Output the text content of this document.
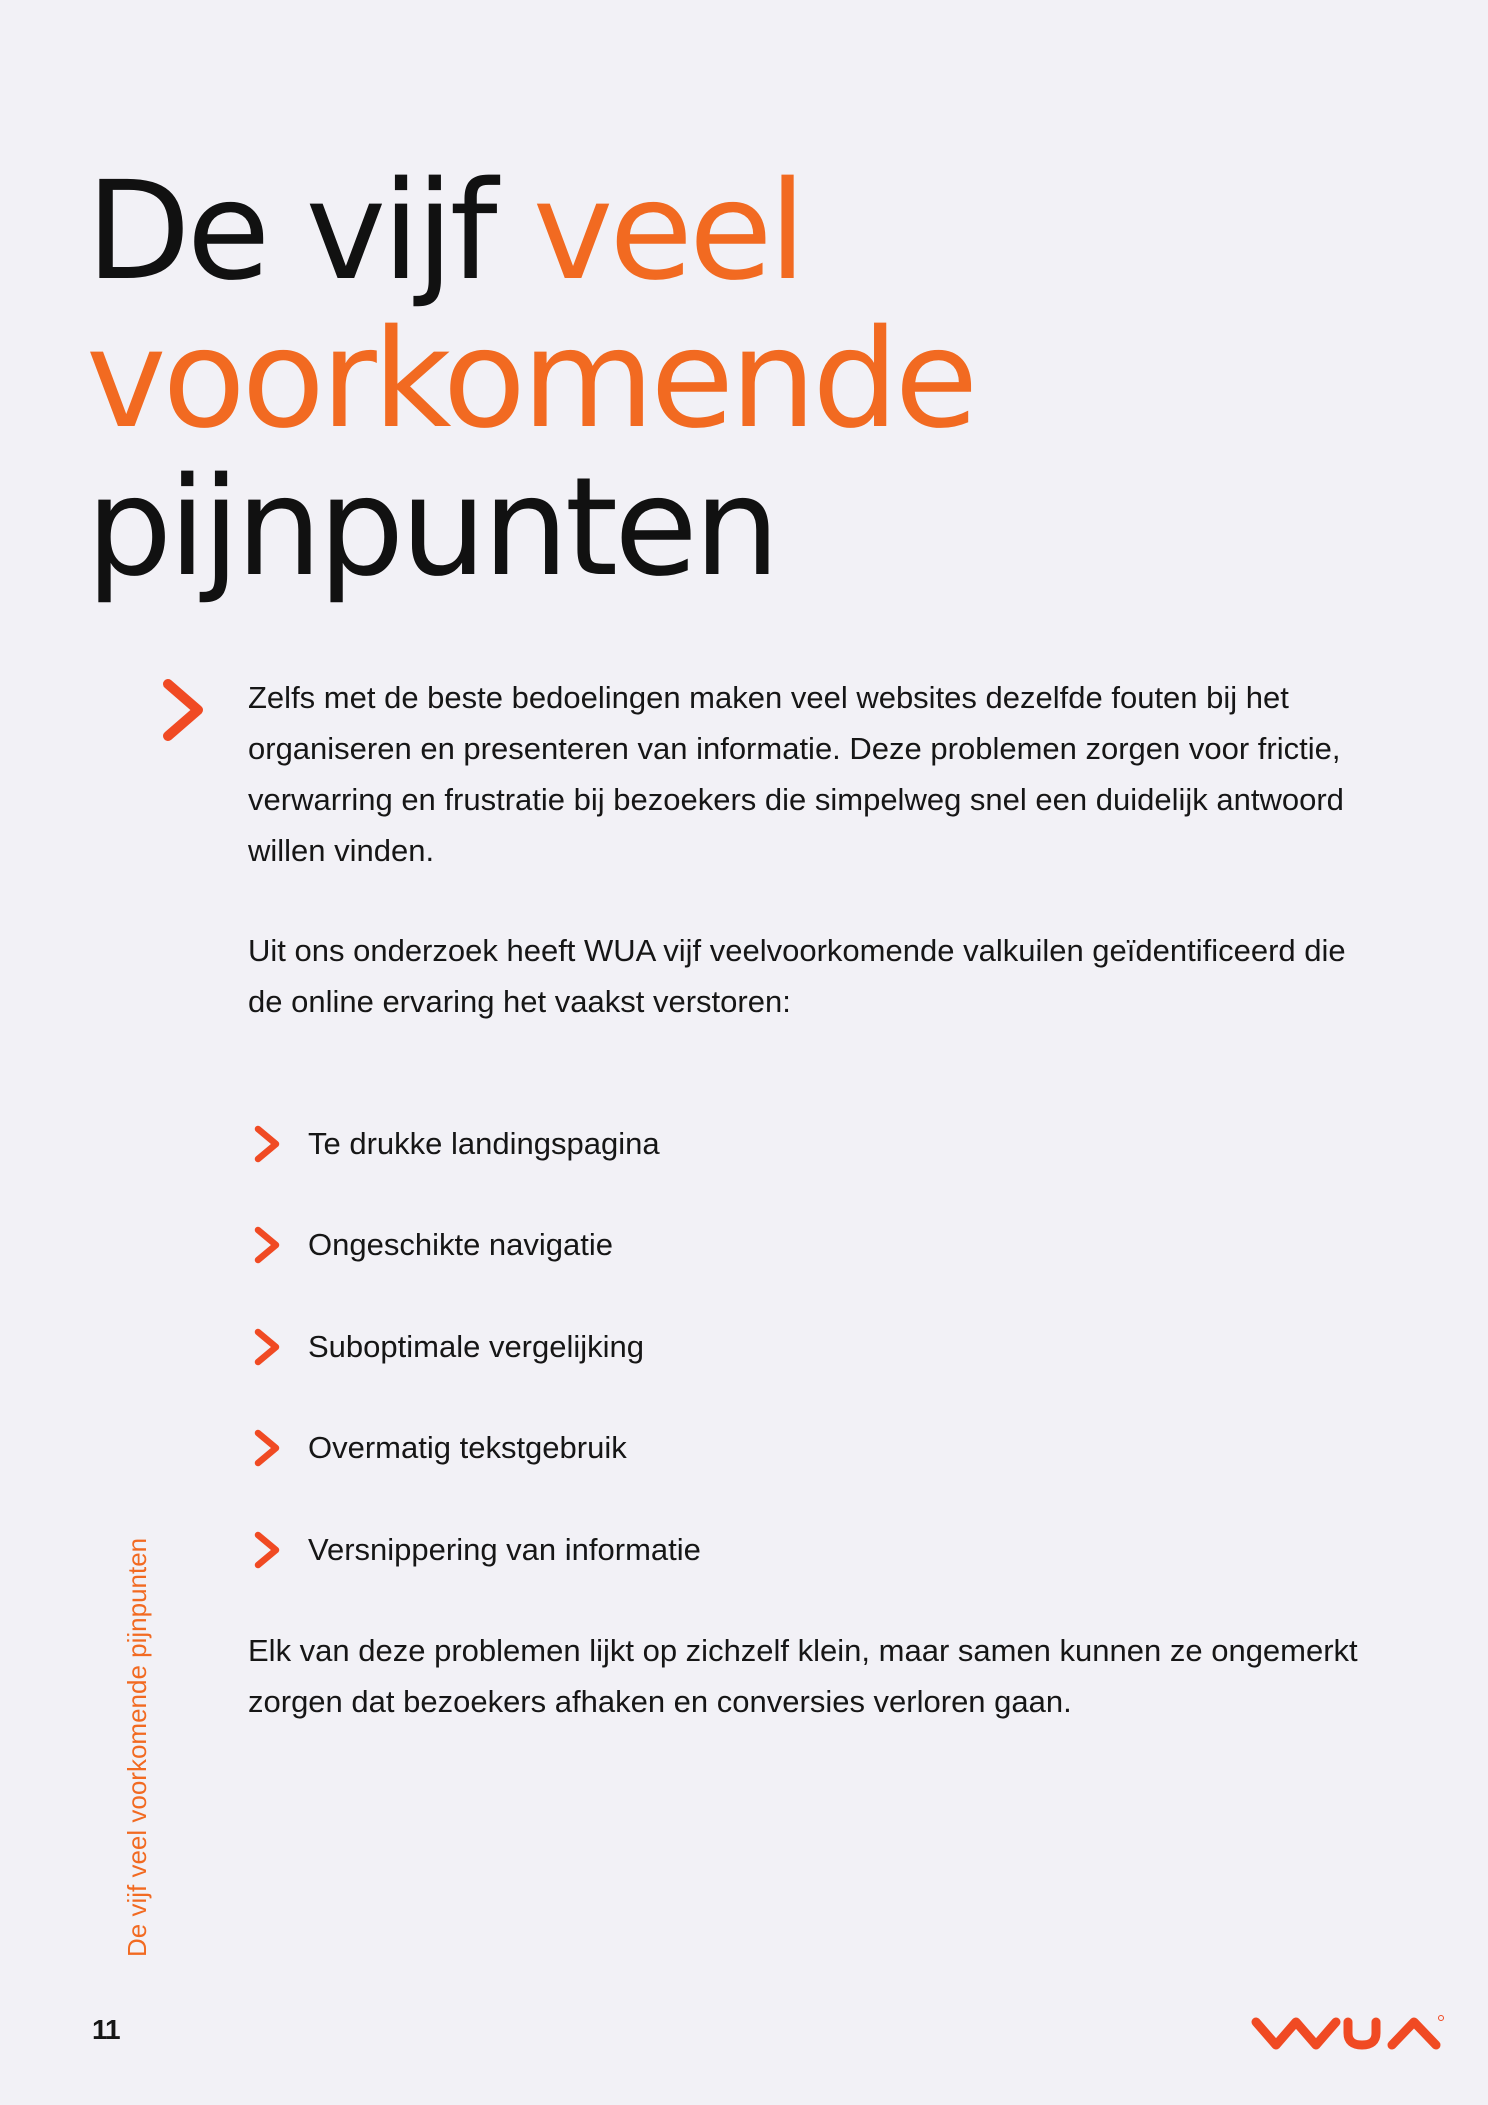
De vijf veel
voorkomende
pijnpunten

Zelfs met de beste bedoelingen maken veel websites dezelfde fouten bij het organiseren en presenteren van informatie. Deze problemen zorgen voor frictie, verwarring en frustratie bij bezoekers die simpelweg snel een duidelijk antwoord willen vinden.

Uit ons onderzoek heeft WUA vijf veelvoorkomende valkuilen geïdentificeerd die de online ervaring het vaakst verstoren:

Te drukke landingspagina
Ongeschikte navigatie
Suboptimale vergelijking
Overmatig tekstgebruik
Versnippering van informatie

Elk van deze problemen lijkt op zichzelf klein, maar samen kunnen ze ongemerkt zorgen dat bezoekers afhaken en conversies verloren gaan.

De vijf veel voorkomende pijnpunten
11
